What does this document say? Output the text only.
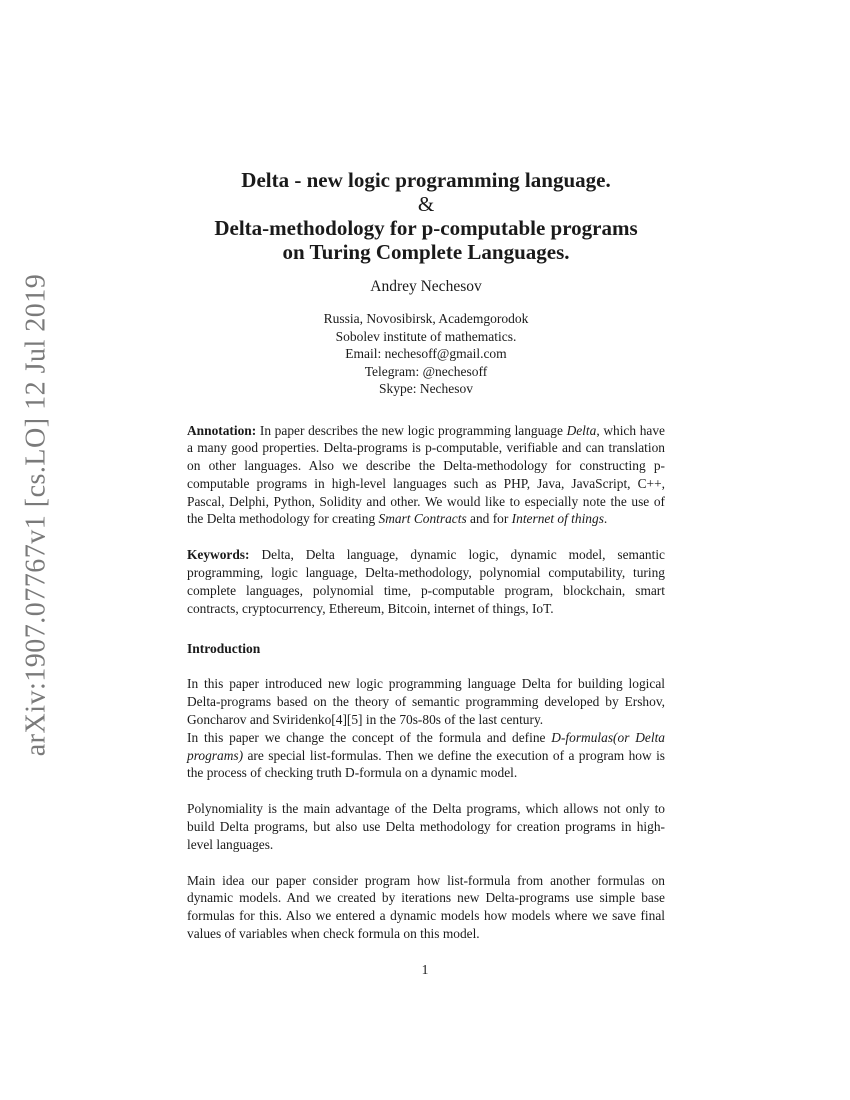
arXiv:1907.07767v1 [cs.LO] 12 Jul 2019
Delta - new logic programming language.
&
Delta-methodology for p-computable programs
on Turing Complete Languages.
Andrey Nechesov
Russia, Novosibirsk, Academgorodok
Sobolev institute of mathematics.
Email: nechesoff@gmail.com
Telegram: @nechesoff
Skype: Nechesov

Annotation: In paper describes the new logic programming language Delta, which have a many good properties. Delta-programs is p-computable, verifiable and can translation on other languages. Also we describe the Delta-methodology for constructing p-computable programs in high-level languages such as PHP, Java, JavaScript, C++, Pascal, Delphi, Python, Solidity and other. We would like to especially note the use of the Delta methodology for creating Smart Contracts and for Internet of things.

Keywords: Delta, Delta language, dynamic logic, dynamic model, semantic programming, logic language, Delta-methodology, polynomial computability, turing complete languages, polynomial time, p-computable program, blockchain, smart contracts, cryptocurrency, Ethereum, Bitcoin, internet of things, IoT.

Introduction

In this paper introduced new logic programming language Delta for building logical Delta-programs based on the theory of semantic programming developed by Ershov, Goncharov and Sviridenko[4][5] in the 70s-80s of the last century.

In this paper we change the concept of the formula and define D-formulas(or Delta programs) are special list-formulas. Then we define the execution of a program how is the process of checking truth D-formula on a dynamic model.

Polynomiality is the main advantage of the Delta programs, which allows not only to build Delta programs, but also use Delta methodology for creation programs in high-level languages.

Main idea our paper consider program how list-formula from another formulas on dynamic models. And we created by iterations new Delta-programs use simple base formulas for this. Also we entered a dynamic models how models where we save final values of variables when check formula on this model.

1
